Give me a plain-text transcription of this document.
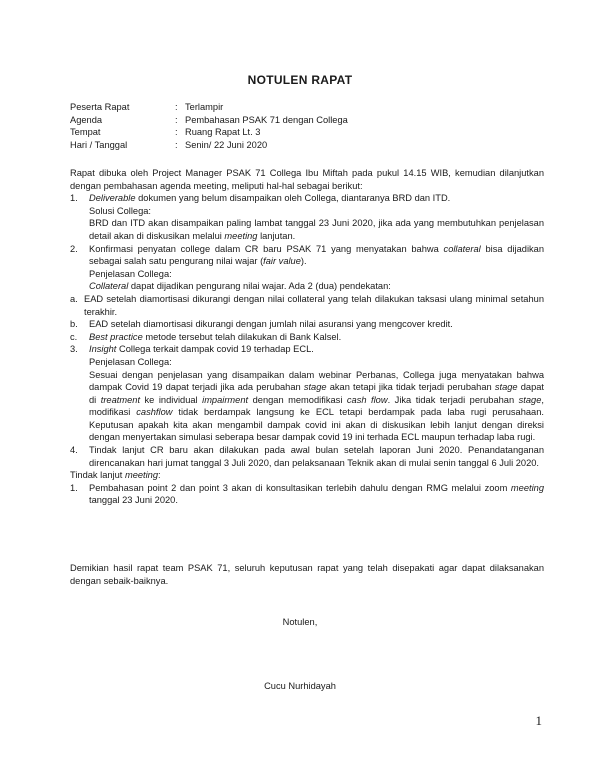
NOTULEN RAPAT
Peserta Rapat	: Terlampir
Agenda	: Pembahasan PSAK 71 dengan Collega
Tempat	: Ruang Rapat Lt. 3
Hari / Tanggal	: Senin/ 22 Juni 2020
Rapat dibuka oleh Project Manager PSAK 71 Collega Ibu Miftah pada pukul 14.15 WIB, kemudian dilanjutkan dengan pembahasan agenda meeting, meliputi hal-hal sebagai berikut:
1.	Deliverable dokumen yang belum disampaikan oleh Collega, diantaranya BRD dan ITD.
Solusi Collega:
BRD dan ITD akan disampaikan paling lambat tanggal 23 Juni 2020, jika ada yang membutuhkan penjelasan detail akan di diskusikan melalui meeting lanjutan.
2.	Konfirmasi penyatan college dalam CR baru PSAK 71 yang menyatakan bahwa collateral bisa dijadikan sebagai salah satu pengurang nilai wajar (fair value).
Penjelasan Collega:
Collateral dapat dijadikan pengurang nilai wajar. Ada 2 (dua) pendekatan:
a. EAD setelah diamortisasi dikurangi dengan nilai collateral yang telah dilakukan taksasi ulang minimal setahun terakhir.
b.	EAD setelah diamortisasi dikurangi dengan jumlah nilai asuransi yang mengcover kredit.
c.	Best practice metode tersebut telah dilakukan di Bank Kalsel.
3.	Insight Collega terkait dampak covid 19 terhadap ECL.
Penjelasan Collega:
Sesuai dengan penjelasan yang disampaikan dalam webinar Perbanas, Collega juga menyatakan bahwa dampak Covid 19 dapat terjadi jika ada perubahan stage akan tetapi jika tidak terjadi perubahan stage dapat di treatment ke individual impairment dengan memodifikasi cash flow. Jika tidak terjadi perubahan stage, modifikasi cashflow tidak berdampak langsung ke ECL tetapi berdampak pada laba rugi perusahaan. Keputusan apakah kita akan mengambil dampak covid ini akan di diskusikan lebih lanjut dengan direksi dengan menyertakan simulasi seberapa besar dampak covid 19 ini terhada ECL maupun terhadap laba rugi.
4.	Tindak lanjut CR baru akan dilakukan pada awal bulan setelah laporan Juni 2020. Penandatanganan direncanakan hari jumat tanggal 3 Juli 2020, dan pelaksanaan Teknik akan di mulai senin tanggal 6 Juli 2020.
Tindak lanjut meeting:
1.	Pembahasan point 2 dan point 3 akan di konsultasikan terlebih dahulu dengan RMG melalui zoom meeting tanggal 23 Juni 2020.
Demikian hasil rapat team PSAK 71, seluruh keputusan rapat yang telah disepakati agar dapat dilaksanakan dengan sebaik-baiknya.
Notulen,
Cucu Nurhidayah
1
